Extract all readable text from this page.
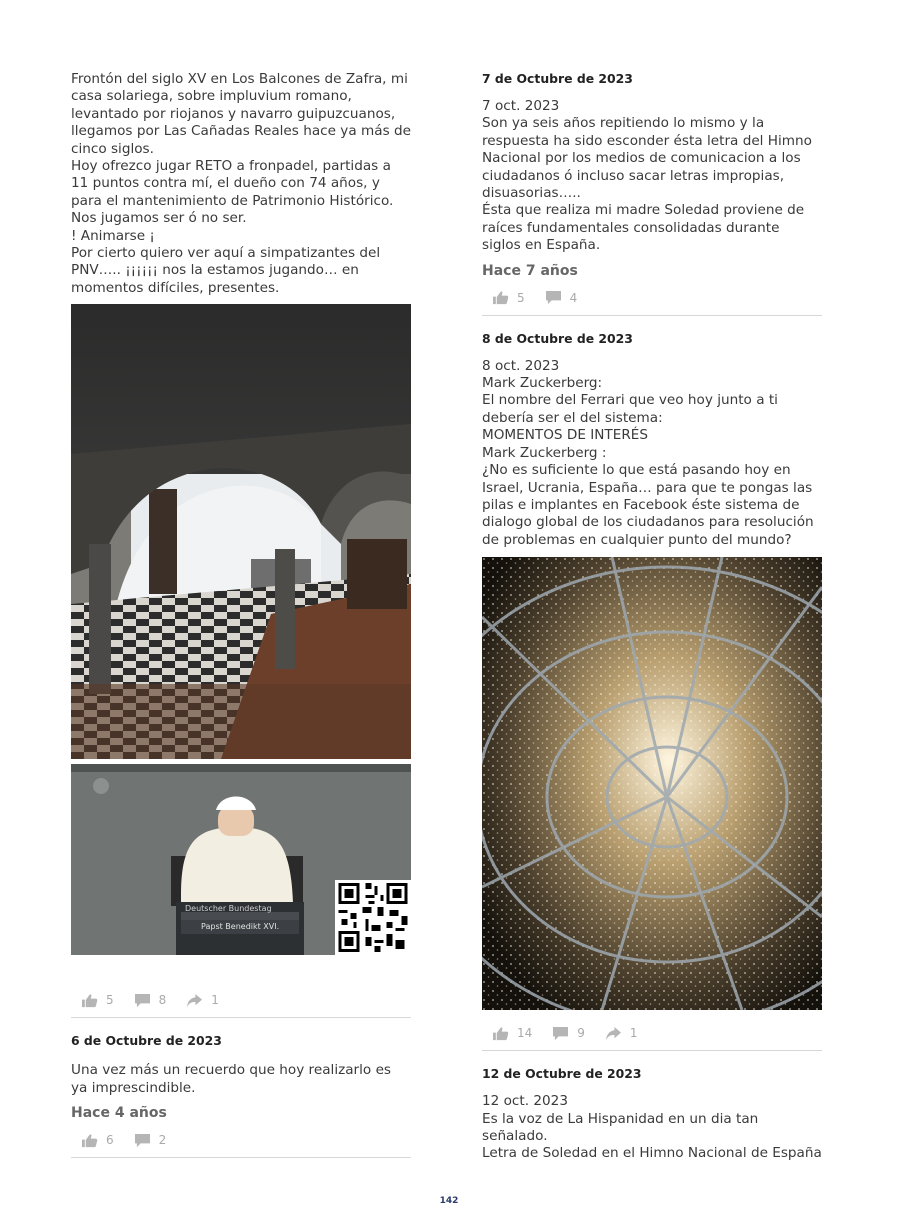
Frontón del siglo XV en Los Balcones de Zafra, mi casa solariega, sobre impluvium romano, levantado por riojanos y navarro guipuzcuanos, llegamos por Las Cañadas Reales hace ya más de cinco siglos.
Hoy ofrezco jugar RETO a fronpadel, partidas a 11 puntos contra mí, el dueño con 74 años, y para el mantenimiento de Patrimonio Histórico. Nos jugamos ser ó no ser.
! Animarse ¡
Por cierto quiero ver aquí a simpatizantes del PNV….. ¡¡¡¡¡¡ nos la estamos jugando… en momentos difíciles, presentes.

Deutscher Bundestag
Papst Benedikt XVI.
5	8	1

6 de Octubre de 2023

Una vez más un recuerdo que hoy realizarlo es ya imprescindible.

Hace 4 años

6	2

7 de Octubre de 2023

7 oct. 2023
Son ya seis años repitiendo lo mismo y la respuesta ha sido esconder ésta letra del Himno Nacional por los medios de comunicacion a los ciudadanos ó incluso sacar letras impropias, disuasorias…..
Ésta que realiza mi madre Soledad proviene de raíces fundamentales consolidadas durante siglos en España.

Hace 7 años

5	4

8 de Octubre de 2023

8 oct. 2023
Mark Zuckerberg:
El nombre del Ferrari que veo hoy junto a ti debería ser el del sistema:
MOMENTOS DE INTERÉS
Mark Zuckerberg :
¿No es suficiente lo que está pasando hoy en Israel, Ucrania, España… para que te pongas las pilas e implantes en Facebook éste sistema de dialogo global de los ciudadanos para resolución de problemas en cualquier punto del mundo?

14	9	1

12 de Octubre de 2023

12 oct. 2023
Es la voz de La Hispanidad en un dia tan señalado.
Letra de Soledad en el Himno Nacional de España

142
